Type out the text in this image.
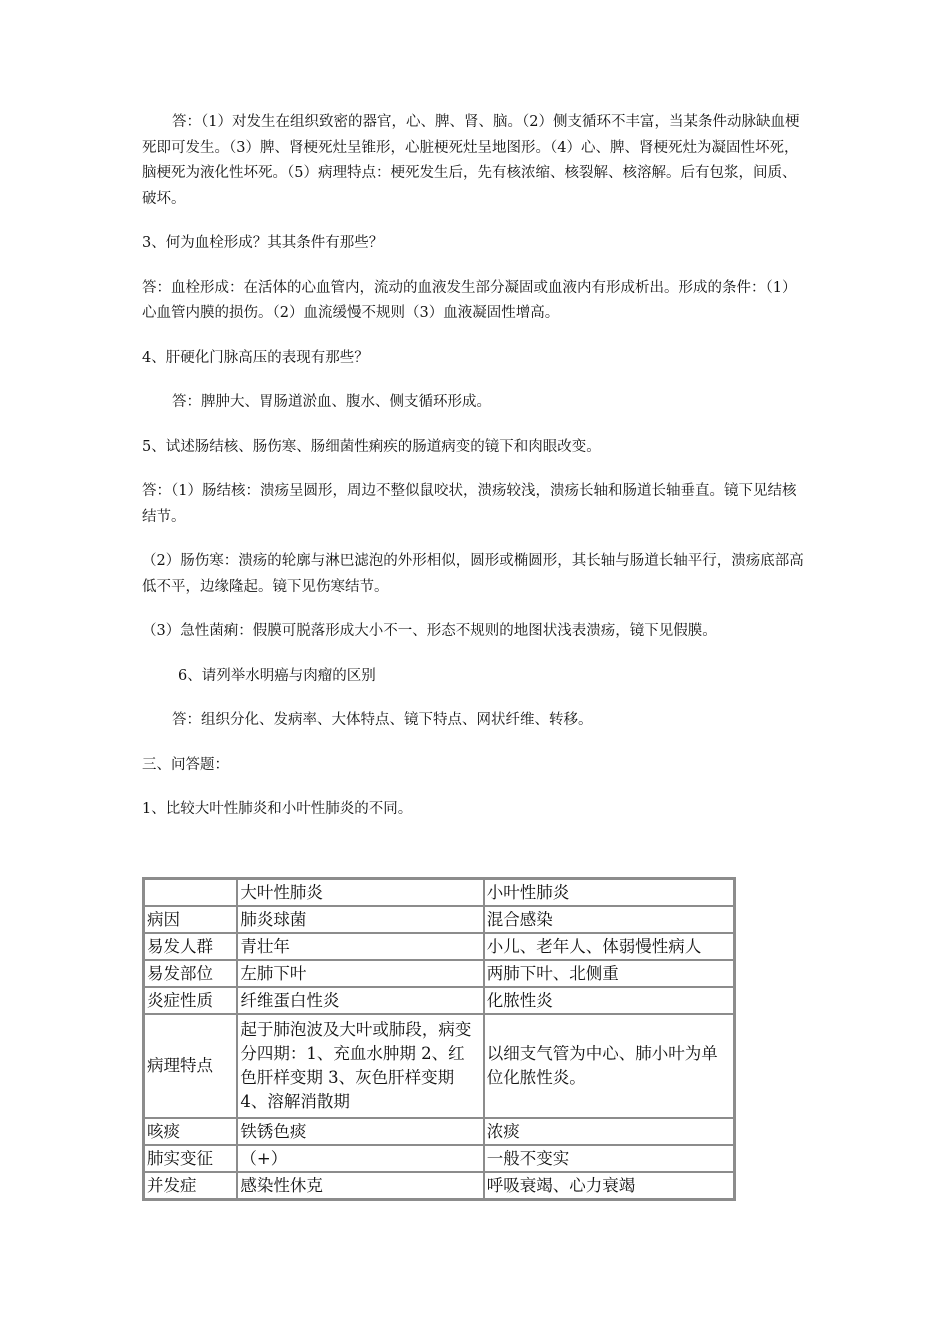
答：（1）对发生在组织致密的器官，心、脾、肾、脑。（2）侧支循环不丰富，当某条件动脉缺血梗死即可发生。（3）脾、肾梗死灶呈锥形，心脏梗死灶呈地图形。（4）心、脾、肾梗死灶为凝固性坏死，脑梗死为液化性坏死。（5）病理特点：梗死发生后，先有核浓缩、核裂解、核溶解。后有包浆，间质、破坏。

3、何为血栓形成？其其条件有那些？

答：血栓形成：在活体的心血管内，流动的血液发生部分凝固或血液内有形成析出。形成的条件：（1）心血管内膜的损伤。（2）血流缓慢不规则（3）血液凝固性增高。

4、肝硬化门脉高压的表现有那些？

答：脾肿大、胃肠道淤血、腹水、侧支循环形成。

5、试述肠结核、肠伤寒、肠细菌性痢疾的肠道病变的镜下和肉眼改变。

答：（1）肠结核：溃疡呈圆形，周边不整似鼠咬状，溃疡较浅，溃疡长轴和肠道长轴垂直。镜下见结核结节。

（2）肠伤寒：溃疡的轮廓与淋巴滤泡的外形相似，圆形或椭圆形，其长轴与肠道长轴平行，溃疡底部高低不平，边缘隆起。镜下见伤寒结节。

（3）急性菌痢：假膜可脱落形成大小不一、形态不规则的地图状浅表溃疡，镜下见假膜。

6、请列举水明癌与肉瘤的区别

答：组织分化、发病率、大体特点、镜下特点、网状纤维、转移。

三、问答题：

1、比较大叶性肺炎和小叶性肺炎的不同。

	大叶性肺炎	小叶性肺炎
病因	肺炎球菌	混合感染
易发人群	青壮年	小儿、老年人、体弱慢性病人
易发部位	左肺下叶	两肺下叶、北侧重
炎症性质	纤维蛋白性炎	化脓性炎
病理特点	起于肺泡波及大叶或肺段，病变分四期：1、充血水肿期 2、红色肝样变期 3、灰色肝样变期 4、溶解消散期	以细支气管为中心、肺小叶为单位化脓性炎。
咳痰	铁锈色痰	浓痰
肺实变征	（+）	一般不变实
并发症	感染性休克	呼吸衰竭、心力衰竭
